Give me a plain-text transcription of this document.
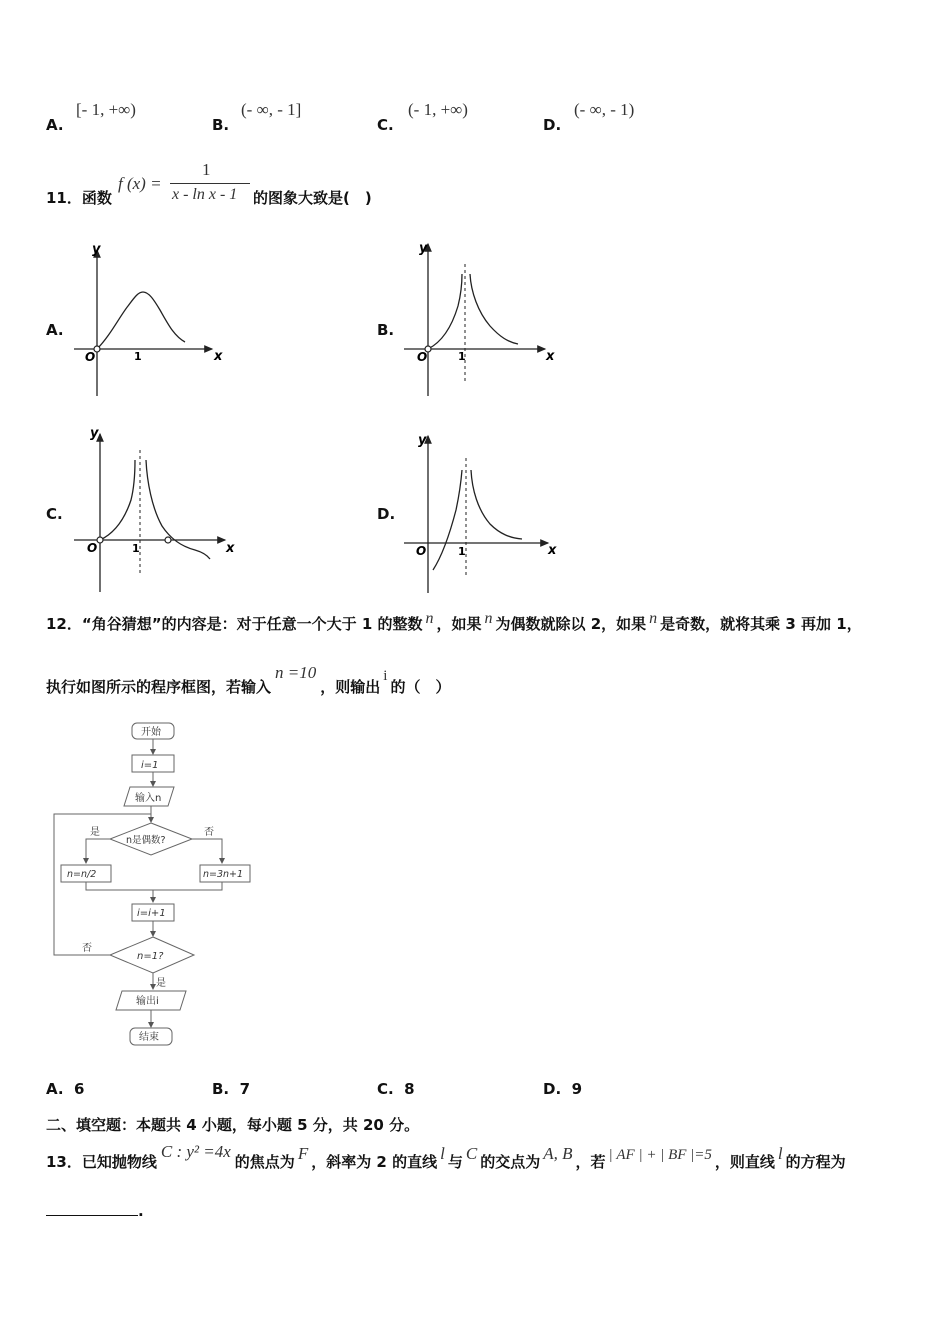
A.
[- 1, +∞)
B.
(- ∞, - 1]
C.
(- 1, +∞)
D.
(- ∞, - 1)
11．函数
f (x) =
1
x - ln x - 1 的图象大致是(　)
A.	B.
C.	D.
y
x
O	1
y
x
O	1
y
x
O	1
y
x
O	1
12．“角谷猜想”的内容是：对于任意一个大于 1 的整数 n ，如果 n 为偶数就除以 2，如果 n 是奇数，就将其乘 3 再加 1，
执行如图所示的程序框图，若输入n =10，则输出i的（　）
开始
i=1
输入n
n是偶数?
是	否
n=n/2	n=3n+1
i=i+1
n=1?
否
是
输出i
结束
A. 6	B. 7	C. 8	D. 9
二、填空题：本题共 4 小题，每小题 5 分，共 20 分。
13．已知抛物线C : y² =4x的焦点为 F ，斜率为 2 的直线 l 与 C 的交点为 A, B ，若 | AF | + | BF |=5 ，则直线 l 的方程为
.
